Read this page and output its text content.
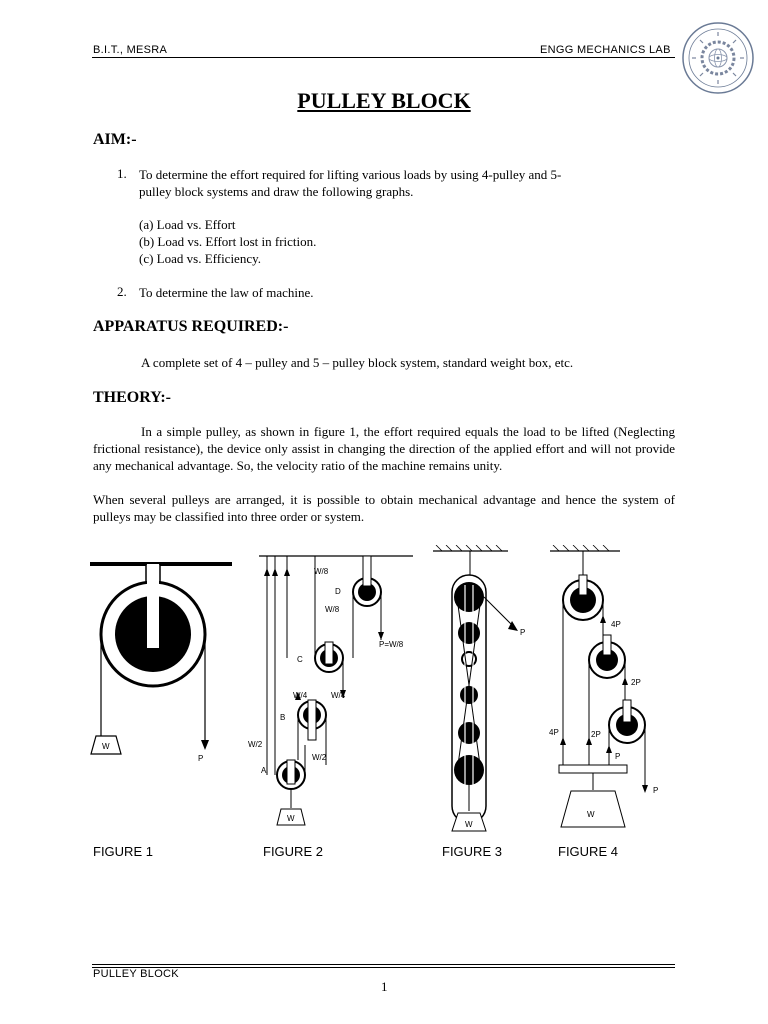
B.I.T., MESRA	ENGG MECHANICS LAB
PULLEY BLOCK
AIM:-
1. To determine the effort required for lifting various loads by using 4-pulley and 5-
pulley block systems and draw the following graphs.
(a) Load vs. Effort
(b) Load vs. Effort lost in friction.
(c) Load vs. Efficiency.
2. To determine the law of machine.
APPARATUS REQUIRED:-
A complete set of 4 – pulley and 5 – pulley block system, standard weight box, etc.
THEORY:-
In a simple pulley, as shown in figure 1, the effort required equals the load to be lifted (Neglecting frictional resistance), the device only assist in changing the direction of the applied effort and will not provide any mechanical advantage. So, the velocity ratio of the machine remains unity.
When several pulleys are arranged, it is possible to obtain mechanical advantage and hence the system of pulleys may be classified into three order or system.
W
P
W/8
D
W/8
P=W/8
C
W/4	W/4
B
W/2
W/2
A
W
P
W
4P
2P
4P	2P
P
P
W
FIGURE 1	FIGURE 2	FIGURE 3	FIGURE 4
PULLEY BLOCK
1
